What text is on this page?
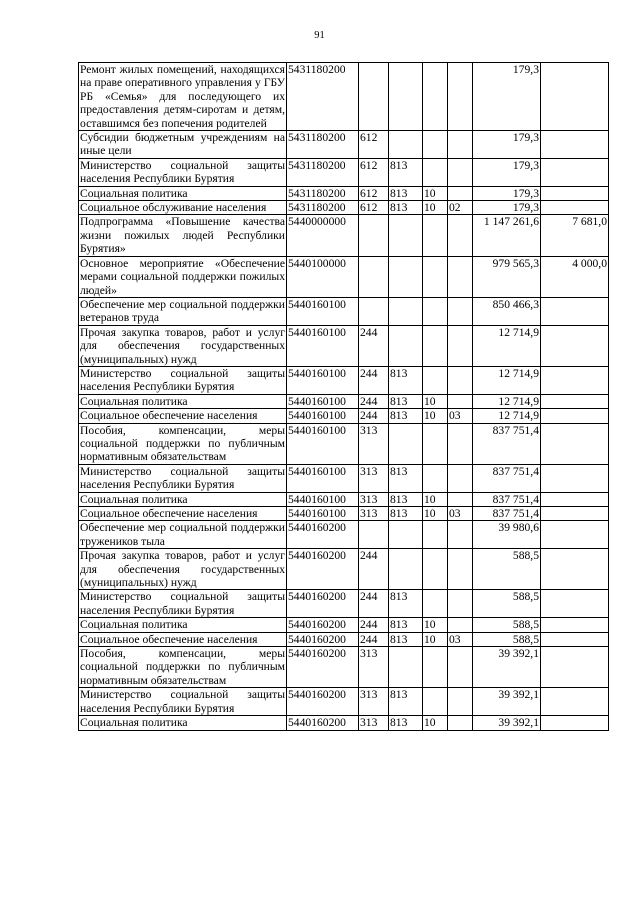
91
Ремонт жилых помещений, находящихся на праве оперативного управления у ГБУ РБ «Семья» для последующего их предоставления детям-сиротам и детям, оставшимся без попечения родителей	5431180200					179,3	
Субсидии бюджетным учреждениям на иные цели	5431180200	612				179,3	
Министерство социальной защиты населения Республики Бурятия	5431180200	612	813			179,3	
Социальная политика	5431180200	612	813	10		179,3	
Социальное обслуживание населения	5431180200	612	813	10	02	179,3	
Подпрограмма «Повышение качества жизни пожилых людей Республики Бурятия»	5440000000					1 147 261,6	7 681,0
Основное мероприятие «Обеспечение мерами социальной поддержки пожилых людей»	5440100000					979 565,3	4 000,0
Обеспечение мер социальной поддержки ветеранов труда	5440160100					850 466,3	
Прочая закупка товаров, работ и услуг для обеспечения государственных (муниципальных) нужд	5440160100	244				12 714,9	
Министерство социальной защиты населения Республики Бурятия	5440160100	244	813			12 714,9	
Социальная политика	5440160100	244	813	10		12 714,9	
Социальное обеспечение населения	5440160100	244	813	10	03	12 714,9	
Пособия, компенсации, меры социальной поддержки по публичным нормативным обязательствам	5440160100	313				837 751,4	
Министерство социальной защиты населения Республики Бурятия	5440160100	313	813			837 751,4	
Социальная политика	5440160100	313	813	10		837 751,4	
Социальное обеспечение населения	5440160100	313	813	10	03	837 751,4	
Обеспечение мер социальной поддержки тружеников тыла	5440160200					39 980,6	
Прочая закупка товаров, работ и услуг для обеспечения государственных (муниципальных) нужд	5440160200	244				588,5	
Министерство социальной защиты населения Республики Бурятия	5440160200	244	813			588,5	
Социальная политика	5440160200	244	813	10		588,5	
Социальное обеспечение населения	5440160200	244	813	10	03	588,5	
Пособия, компенсации, меры социальной поддержки по публичным нормативным обязательствам	5440160200	313				39 392,1	
Министерство социальной защиты населения Республики Бурятия	5440160200	313	813			39 392,1	
Социальная политика	5440160200	313	813	10		39 392,1	
